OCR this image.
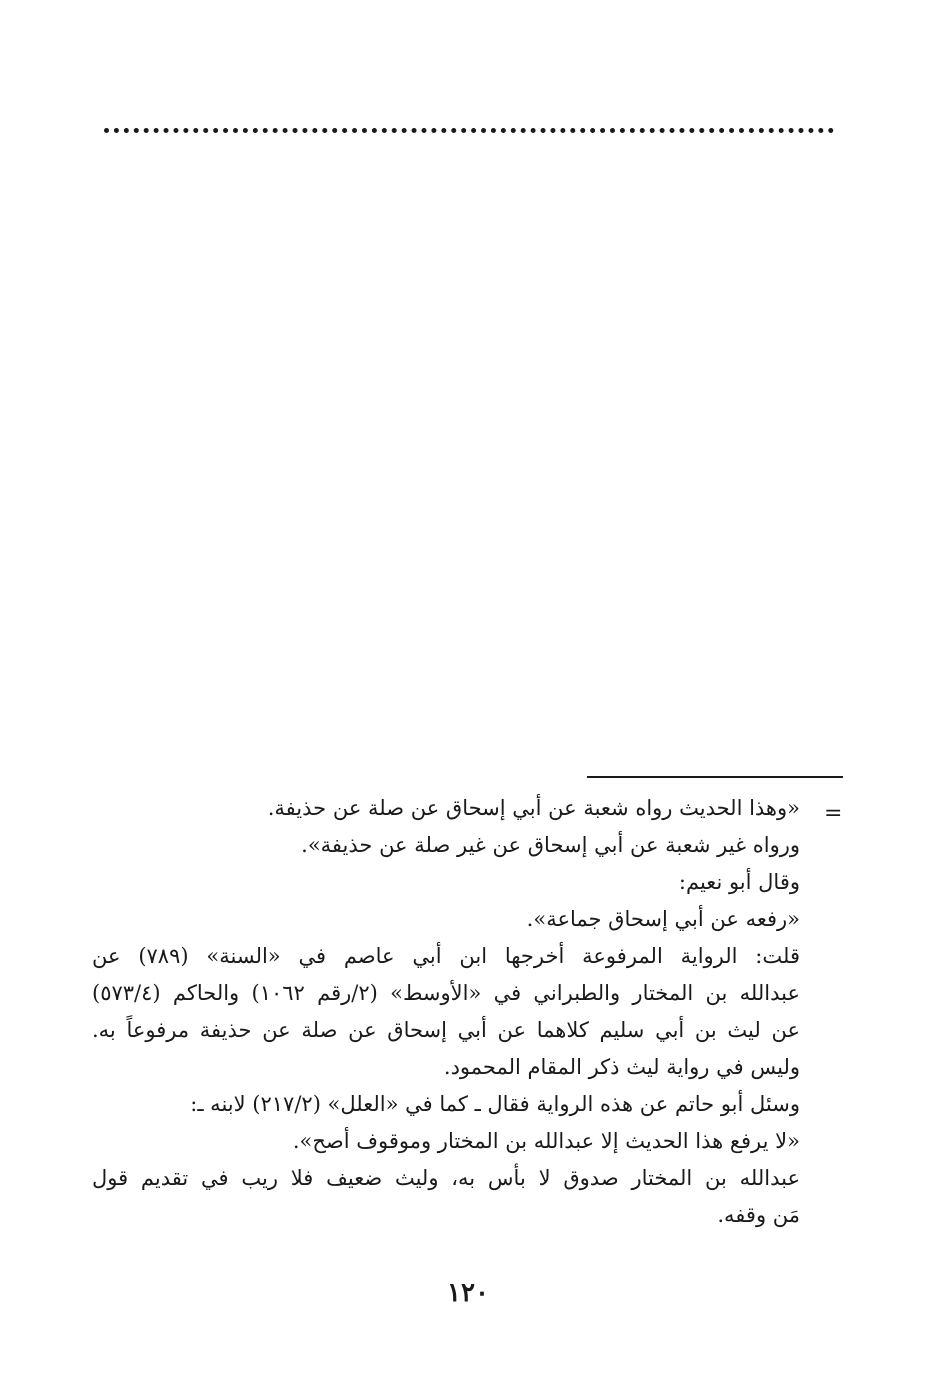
=
«وهذا الحديث رواه شعبة عن أبي إسحاق عن صلة عن حذيفة.
ورواه غير شعبة عن أبي إسحاق عن غير صلة عن حذيفة».
وقال أبو نعيم:
«رفعه عن أبي إسحاق جماعة».
قلت: الرواية المرفوعة أخرجها ابن أبي عاصم في «السنة» (٧٨٩) عن
عبدالله بن المختار والطبراني في «الأوسط» (٢/رقم ١٠٦٢) والحاكم (٥٧٣/٤)
عن ليث بن أبي سليم كلاهما عن أبي إسحاق عن صلة عن حذيفة مرفوعاً به.
وليس في رواية ليث ذكر المقام المحمود.
وسئل أبو حاتم عن هذه الرواية فقال ـ كما في «العلل» (٢١٧/٢) لابنه ـ:
«لا يرفع هذا الحديث إلا عبدالله بن المختار وموقوف أصح».
عبدالله بن المختار صدوق لا بأس به، وليث ضعيف فلا ريب في تقديم قول
مَن وقفه.
١٢٠
